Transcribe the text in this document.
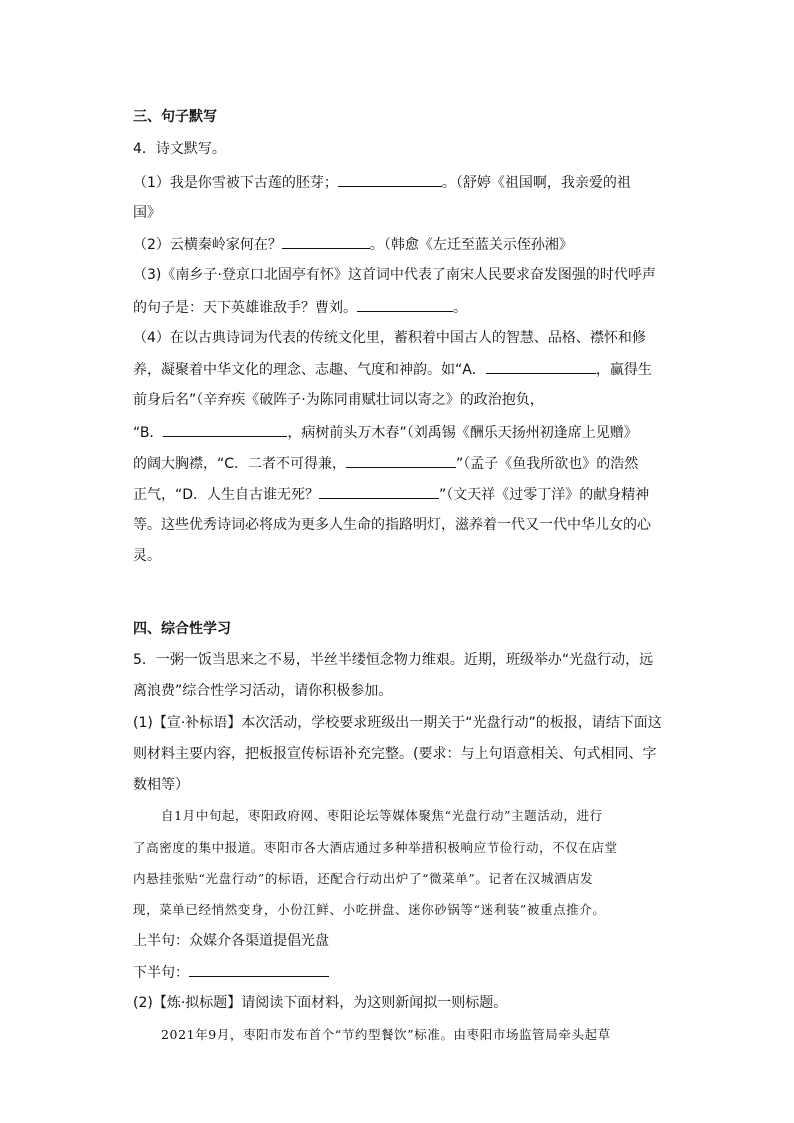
三、句子默写
4．诗文默写。
（1）我是你雪被下古莲的胚芽；	。（舒婷《祖国啊，我亲爱的祖
国》
（2）云横秦岭家何在？	。（韩愈《左迁至蓝关示侄孙湘》
（3)《南乡子·登京口北固亭有怀》这首词中代表了南宋人民要求奋发图强的时代呼声
的句子是：天下英雄谁敌手？曹刘。	。
（4）在以古典诗词为代表的传统文化里，蓄积着中国古人的智慧、品格、襟怀和修
养，凝聚着中华文化的理念、志趣、气度和神韵。如“A．	，赢得生
前身后名”（辛弃疾《破阵子·为陈同甫赋壮词以寄之》的政治抱负，
“B．	，病树前头万木春”（刘禹锡《酬乐天扬州初逢席上见赠》
的阔大胸襟，“C．二者不可得兼，	”（孟子《鱼我所欲也》的浩然
正气，“D．人生自古谁无死？	”（文天祥《过零丁洋》的献身精神
等。这些优秀诗词必将成为更多人生命的指路明灯，滋养着一代又一代中华儿女的心
灵。
四、综合性学习
5．一粥一饭当思来之不易，半丝半缕恒念物力维艰。近期，班级举办“光盘行动，远
离浪费”综合性学习活动，请你积极参加。
(1)【宣·补标语】本次活动，学校要求班级出一期关于“光盘行动”的板报，请结下面这
则材料主要内容，把板报宣传标语补充完整。(要求：与上句语意相关、句式相同、字
数相等）
自1月中旬起，枣阳政府网、枣阳论坛等媒体聚焦“光盘行动”主题活动，进行
了高密度的集中报道。枣阳市各大酒店通过多种举措积极响应节俭行动，不仅在店堂
内悬挂张贴“光盘行动”的标语，还配合行动出炉了“微菜单”。记者在汉城酒店发
现，菜单已经悄然变身，小份江鲜、小吃拼盘、迷你砂锅等“迷利装”被重点推介。
上半句：众媒介各渠道提倡光盘
下半句：
(2)【炼·拟标题】请阅读下面材料，为这则新闻拟一则标题。
2021年9月，枣阳市发布首个“节约型餐饮”标准。由枣阳市场监管局牵头起草
